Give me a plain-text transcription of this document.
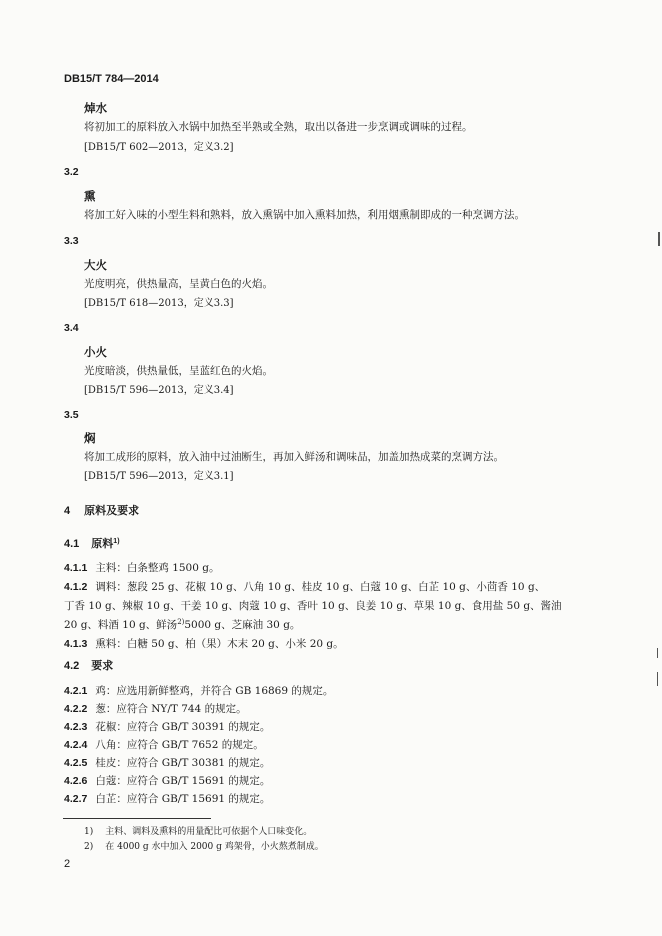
DB15/T 784—2014
焯水
将初加工的原料放入水锅中加热至半熟或全熟，取出以备进一步烹调或调味的过程。
[DB15/T 602—2013，定义3.2]
3.2
熏
将加工好入味的小型生料和熟料，放入熏锅中加入熏料加热，利用烟熏制即成的一种烹调方法。
3.3
大火
光度明亮，供热量高，呈黄白色的火焰。
[DB15/T 618—2013，定义3.3]
3.4
小火
光度暗淡，供热量低，呈蓝红色的火焰。
[DB15/T 596—2013，定义3.4]
3.5
焖
将加工成形的原料，放入油中过油断生，再加入鲜汤和调味品，加盖加热成菜的烹调方法。
[DB15/T 596—2013，定义3.1]
4 原料及要求
4.1 原料$^{1)}$
4.1.1 主料：白条整鸡 1500 g。
4.1.2 调料：葱段 25 g、花椒 10 g、八角 10 g、桂皮 10 g、白蔻 10 g、白芷 10 g、小茴香 10 g、
丁香 10 g、辣椒 10 g、干姜 10 g、肉蔻 10 g、香叶 10 g、良姜 10 g、草果 10 g、食用盐 50 g、酱油
20 g、料酒 10 g、鲜汤$^{2)}$5000 g、芝麻油 30 g。
4.1.3 熏料：白糖 50 g、柏（果）木末 20 g、小米 20 g。
4.2 要求
4.2.1 鸡：应选用新鲜整鸡，并符合 GB 16869 的规定。
4.2.2 葱：应符合 NY/T 744 的规定。
4.2.3 花椒：应符合 GB/T 30391 的规定。
4.2.4 八角：应符合 GB/T 7652 的规定。
4.2.5 桂皮：应符合 GB/T 30381 的规定。
4.2.6 白蔻：应符合 GB/T 15691 的规定。
4.2.7 白芷：应符合 GB/T 15691 的规定。
1) 主料、调料及熏料的用量配比可依据个人口味变化。
2) 在 4000 g 水中加入 2000 g 鸡架骨，小火熬煮制成。
2
